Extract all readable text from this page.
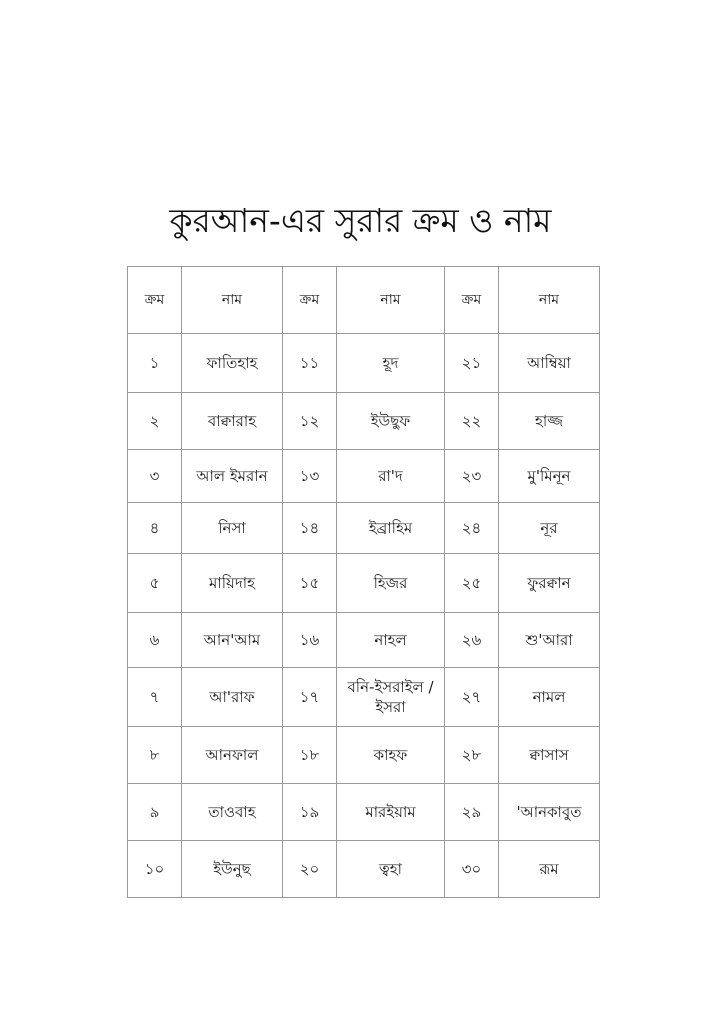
কুরআন-এর সুরার ক্রম ও নাম
ক্রম	নাম	ক্রম	নাম	ক্রম	নাম
১	ফাতিহাহ	১১	হূদ	২১	আম্বিয়া
২	বাক্বারাহ	১২	ইউছুফ	২২	হাজ্জ
৩	আল ইমরান	১৩	রা'দ	২৩	মু'মিনূন
৪	নিসা	১৪	ইব্রাহিম	২৪	নূর
৫	মায়িদাহ	১৫	হিজর	২৫	ফুরক্বান
৬	আন'আম	১৬	নাহল	২৬	শু'আরা
৭	আ'রাফ	১৭	বনি-ইসরাইল /ইসরা	২৭	নামল
৮	আনফাল	১৮	কাহফ	২৮	ক্বাসাস
৯	তাওবাহ	১৯	মারইয়াম	২৯	'আনকাবুত
১০	ইউনুছ	২০	ত্বহা	৩০	রূম
